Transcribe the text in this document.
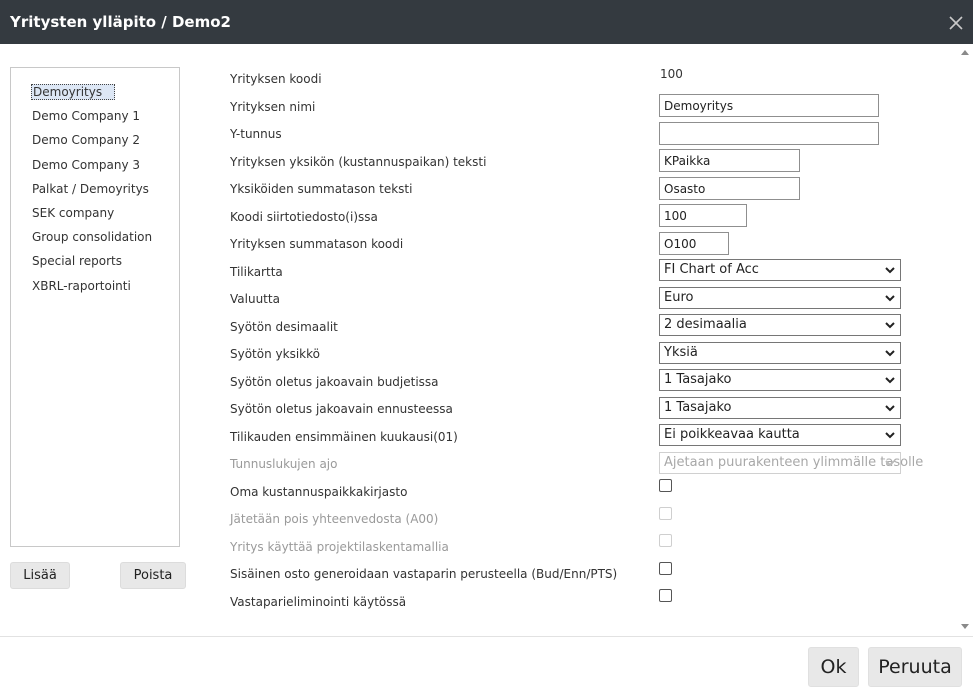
Yritysten ylläpito / Demo2
Demoyritys
Demo Company 1
Demo Company 2
Demo Company 3
Palkat / Demoyritys
SEK company
Group consolidation
Special reports
XBRL-raportointi
Lisää	Poista
Yrityksen koodi
Yrityksen nimi
Y-tunnus
Yrityksen yksikön (kustannuspaikan) teksti
Yksiköiden summatason teksti
Koodi siirtotiedosto(i)ssa
Yrityksen summatason koodi
Tilikartta
Valuutta
Syötön desimaalit
Syötön yksikkö
Syötön oletus jakoavain budjetissa
Syötön oletus jakoavain ennusteessa
Tilikauden ensimmäinen kuukausi(01)
Tunnuslukujen ajo
Oma kustannuspaikkakirjasto
Jätetään pois yhteenvedosta (A00)
Yritys käyttää projektilaskentamallia
Sisäinen osto generoidaan vastaparin perusteella (Bud/Enn/PTS)
Vastaparieliminointi käytössä
100
Demoyritys
KPaikka
Osasto
100
O100
FI Chart of Acc
Euro
2 desimaalia
Yksiä
1 Tasajako
1 Tasajako
Ei poikkeavaa kautta
Ajetaan puurakenteen ylimmälle tasolle
Ok	Peruuta
